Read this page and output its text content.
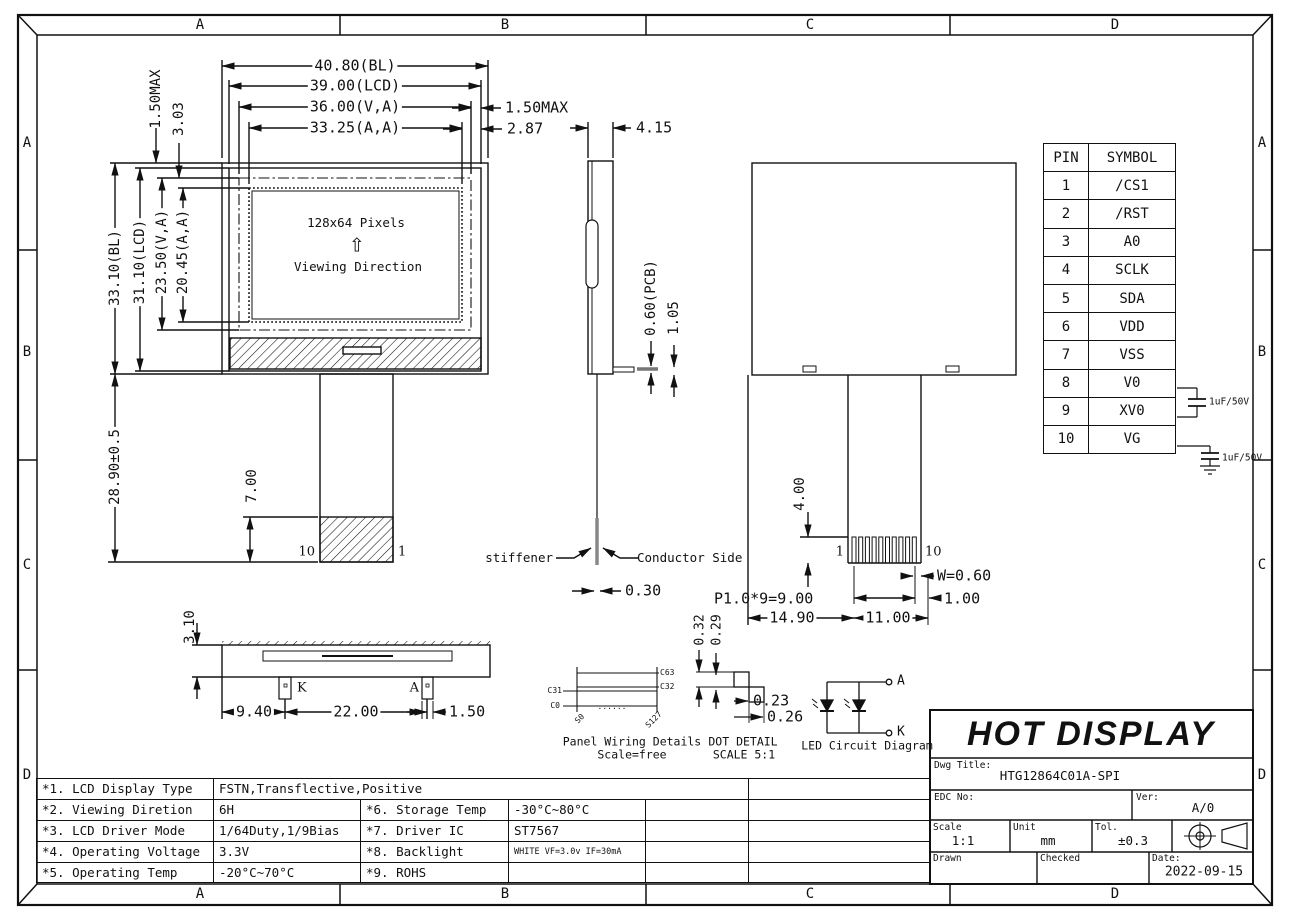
A	B	C	D
A	B	C	D
A
B
C
D
A
B
C
D
40.80(BL)
39.00(LCD)
36.00(V,A)
33.25(A,A)
1.50MAX
2.87
33.10(BL) 31.10(LCD) 23.50(V,A) 20.45(A,A)
1.50MAX 3.03
28.90±0.5	7.00
128x64 Pixels
⇧
Viewing Direction
10	1
4.15
0.60(PCB) 1.05
stiffener	Conductor Side
0.30
4.00
1	10
W=0.60
P1.0*9=9.00	1.00
14.90	11.00
PIN	SYMBOL
1	/CS1
2	/RST
3	A0
4	SCLK
5	SDA
6	VDD
7	VSS
8	V0
9	XV0
10	VG
1uF/50V
1uF/50V
3.10
K	A
9.40	22.00	1.50
C63
C32
C31
C0	......
S0	S127
Panel Wiring Details
Scale=free
0.32 0.29
0.23
0.26
DOT DETAIL
SCALE 5:1
A
K
LED Circuit Diagram
*1. LCD Display Type	FSTN,Transflective,Positive				
*2. Viewing Diretion	6H	*6. Storage Temp	-30°C~80°C		
*3. LCD Driver Mode	1/64Duty,1/9Bias	*7. Driver IC	ST7567		
*4. Operating Voltage	3.3V	*8. Backlight	WHITE VF=3.0v IF=30mA		
*5. Operating Temp	-20°C~70°C	*9. ROHS			
HOT DISPLAY
Dwg Title:
HTG12864C01A-SPI
EDC No:	Ver:
A/0
Scale
1:1
Unit
mm
Tol.
±0.3
Drawn	Checked	Date:
2022-09-15
